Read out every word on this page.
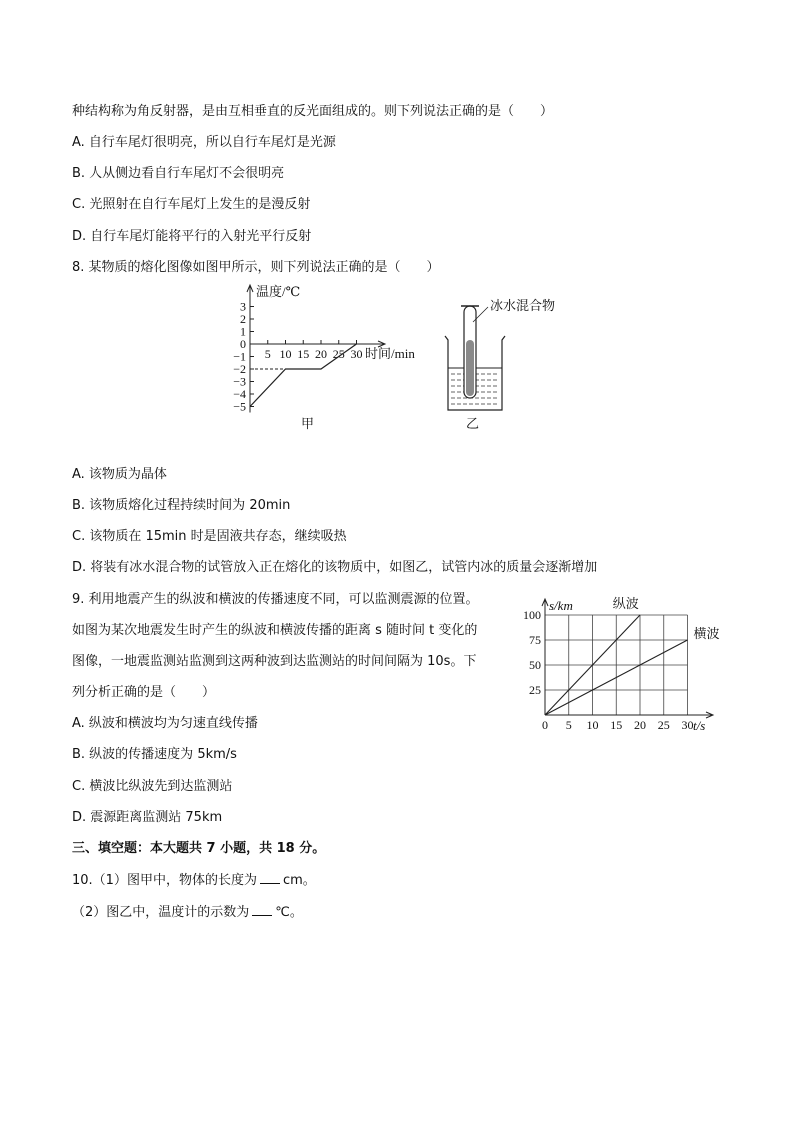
种结构称为角反射器，是由互相垂直的反光面组成的。则下列说法正确的是（　　）
A. 自行车尾灯很明亮，所以自行车尾灯是光源
B. 人从侧边看自行车尾灯不会很明亮
C. 光照射在自行车尾灯上发生的是漫反射
D. 自行车尾灯能将平行的入射光平行反射
8. 某物质的熔化图像如图甲所示，则下列说法正确的是（　　）
−5
−4
−3
−2
−1
0
1
2
3
5 10 15 20 25 30
温度/℃
时间/min
甲
冰水混合物
乙
A. 该物质为晶体
B. 该物质熔化过程持续时间为 20min
C. 该物质在 15min 时是固液共存态，继续吸热
D. 将装有冰水混合物的试管放入正在熔化的该物质中，如图乙，试管内冰的质量会逐渐增加
9. 利用地震产生的纵波和横波的传播速度不同，可以监测震源的位置。
如图为某次地震发生时产生的纵波和横波传播的距离 s 随时间 t 变化的
图像，一地震监测站监测到这两种波到达监测站的时间间隔为 10s。下
列分析正确的是（　　）	25
50
75
100
0 5 10 15 20 25 30
s/km
t/s
纵波
横波
A. 纵波和横波均为匀速直线传播
B. 纵波的传播速度为 5km/s
C. 横波比纵波先到达监测站
D. 震源距离监测站 75km
三、填空题：本大题共 7 小题，共 18 分。
10.（1）图甲中，物体的长度为 cm。
（2）图乙中，温度计的示数为 ℃。
